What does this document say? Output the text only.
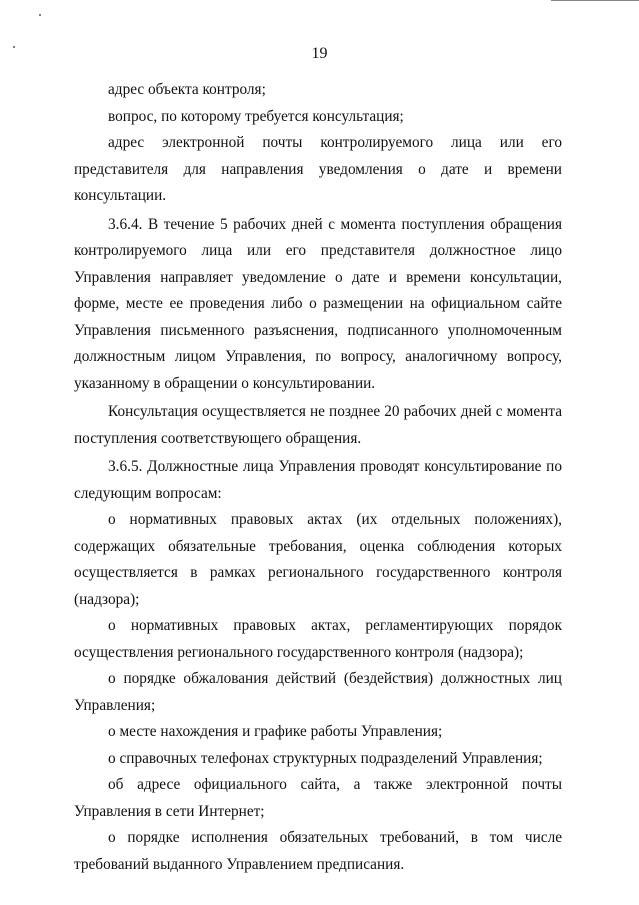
19

адрес объекта контроля;

вопрос, по которому требуется консультация;

адрес электронной почты контролируемого лица или его представителя для направления уведомления о дате и времени консультации.

3.6.4. В течение 5 рабочих дней с момента поступления обращения контролируемого лица или его представителя должностное лицо Управления направляет уведомление о дате и времени консультации, форме, месте ее проведения либо о размещении на официальном сайте Управления письменного разъяснения, подписанного уполномоченным должностным лицом Управления, по вопросу, аналогичному вопросу, указанному в обращении о консультировании.

Консультация осуществляется не позднее 20 рабочих дней с момента поступления соответствующего обращения.

3.6.5. Должностные лица Управления проводят консультирование по следующим вопросам:

о нормативных правовых актах (их отдельных положениях), содержащих обязательные требования, оценка соблюдения которых осуществляется в рамках регионального государственного контроля (надзора);

о нормативных правовых актах, регламентирующих порядок осуществления регионального государственного контроля (надзора);

о порядке обжалования действий (бездействия) должностных лиц Управления;

о месте нахождения и графике работы Управления;

о справочных телефонах структурных подразделений Управления;

об адресе официального сайта, а также электронной почты Управления в сети Интернет;

о порядке исполнения обязательных требований, в том числе требований выданного Управлением предписания.
